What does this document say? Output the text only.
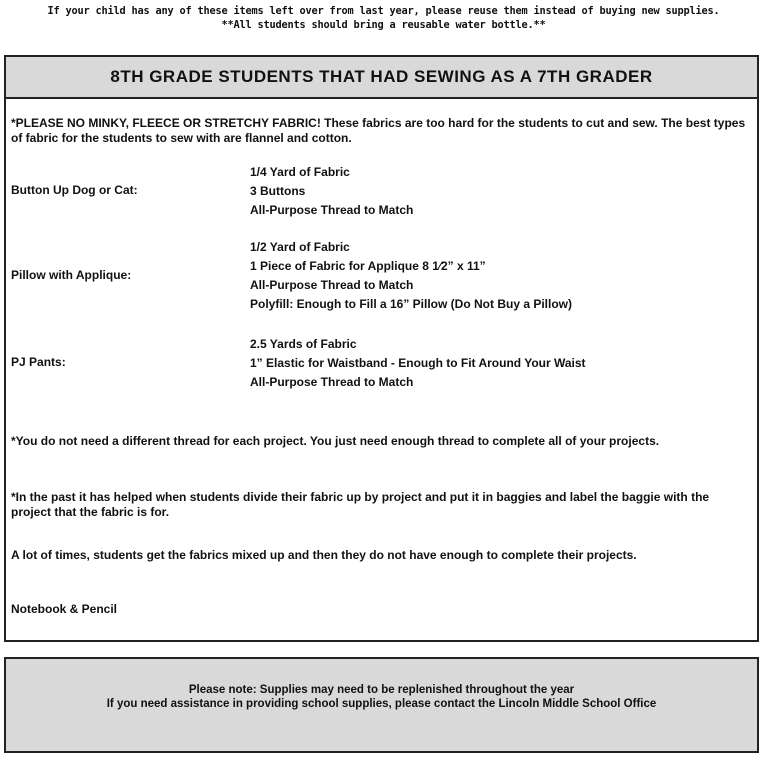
If your child has any of these items left over from last year, please reuse them instead of buying new supplies.
**All students should bring a reusable water bottle.**
8TH GRADE STUDENTS THAT HAD SEWING AS A 7TH GRADER
*PLEASE NO MINKY, FLEECE OR STRETCHY FABRIC! These fabrics are too hard for the students to cut and sew. The best types of fabric for the students to sew with are flannel and cotton.
Button Up Dog or Cat:
1/4 Yard of Fabric
3 Buttons
All-Purpose Thread to Match
Pillow with Applique:
1/2 Yard of Fabric
1 Piece of Fabric for Applique 8 1⁄2” x 11”
All-Purpose Thread to Match
Polyfill: Enough to Fill a 16” Pillow (Do Not Buy a Pillow)
PJ Pants:
2.5 Yards of Fabric
1” Elastic for Waistband - Enough to Fit Around Your Waist
All-Purpose Thread to Match
*You do not need a different thread for each project. You just need enough thread to complete all of your projects.
*In the past it has helped when students divide their fabric up by project and put it in baggies and label the baggie with the project that the fabric is for.
A lot of times, students get the fabrics mixed up and then they do not have enough to complete their projects.
Notebook & Pencil
Please note: Supplies may need to be replenished throughout the year
If you need assistance in providing school supplies, please contact the Lincoln Middle School Office
